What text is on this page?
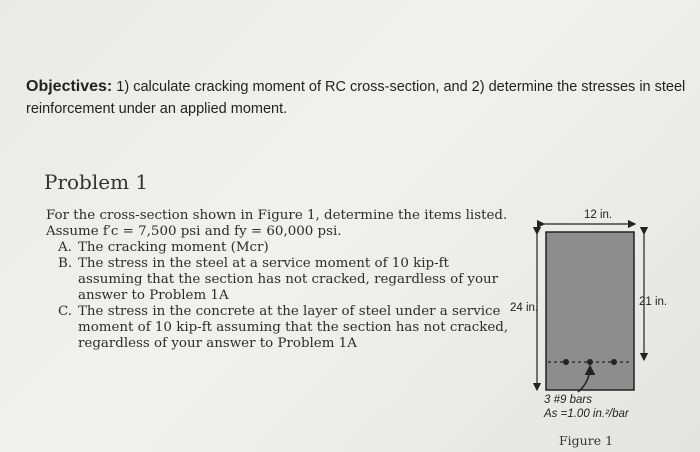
Objectives: 1) calculate cracking moment of RC cross-section, and 2) determine the stresses in steel reinforcement under an applied moment.
Problem 1
For the cross-section shown in Figure 1, determine the items listed.
Assume f′c = 7,500 psi and fy = 60,000 psi.
A. The cracking moment (Mcr)
B. The stress in the steel at a service moment of 10 kip-ft assuming that the section has not cracked, regardless of your answer to Problem 1A
C. The stress in the concrete at the layer of steel under a service moment of 10 kip-ft assuming that the section has not cracked, regardless of your answer to Problem 1A
12 in.
24 in.	21 in.
3 #9 bars
As =1.00 in.²/bar
Figure 1
